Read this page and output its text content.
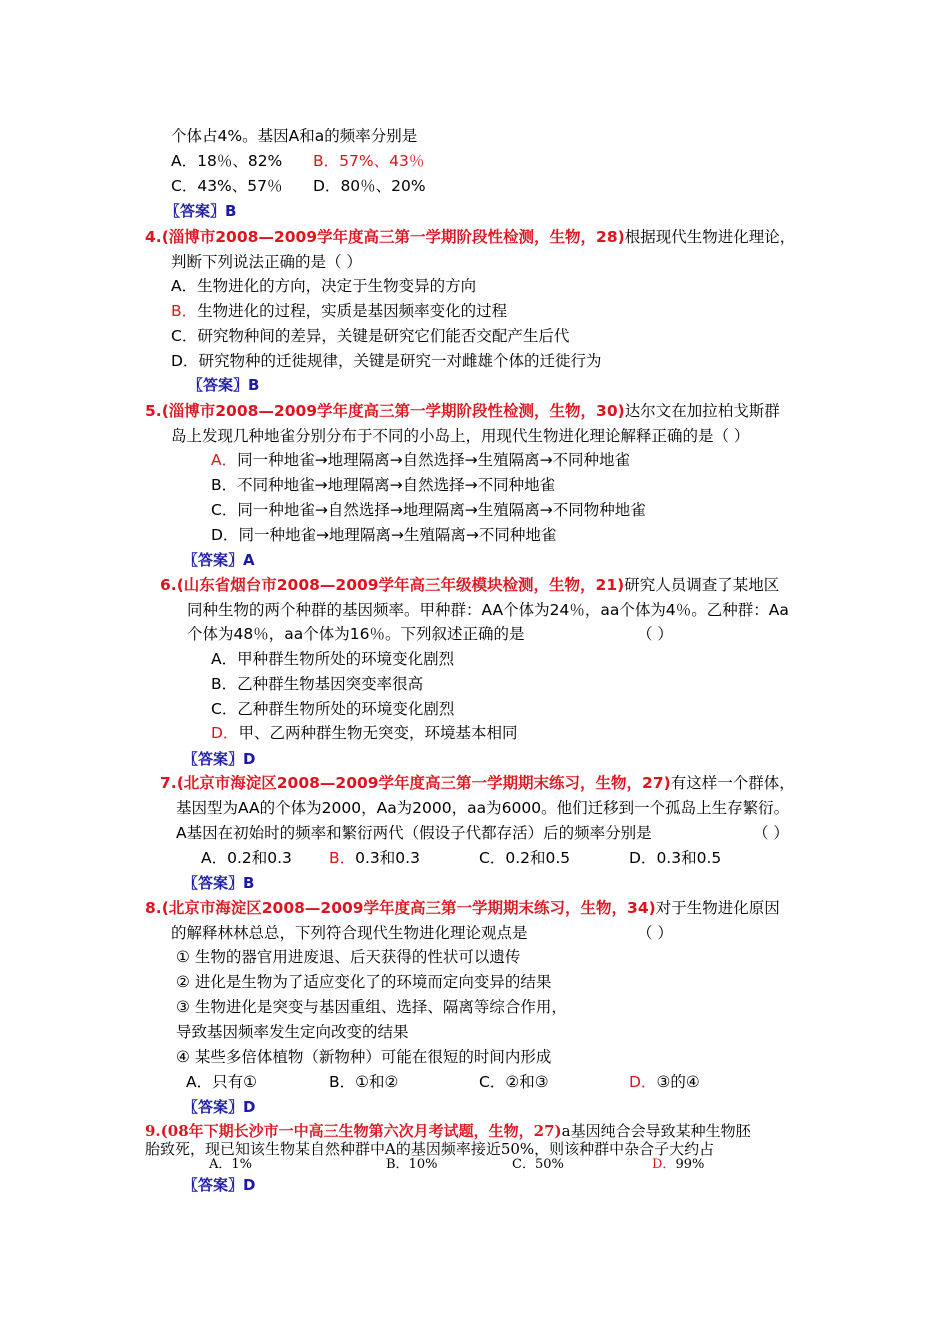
个体占4%。基因A和a的频率分别是
A．18％、82% B．57%、43％
C．43%、57％ D．80％、20%
〖答案〗B
4.(淄博市2008—2009学年度高三第一学期阶段性检测，生物，28)根据现代生物进化理论，
判断下列说法正确的是（ ）
A．生物进化的方向，决定于生物变异的方向
B．生物进化的过程，实质是基因频率变化的过程
C．研究物种间的差异，关键是研究它们能否交配产生后代
D．研究物种的迁徙规律，关键是研究一对雌雄个体的迁徙行为
〖答案〗B
5.(淄博市2008—2009学年度高三第一学期阶段性检测，生物，30)达尔文在加拉柏戈斯群
岛上发现几种地雀分别分布于不同的小岛上，用现代生物进化理论解释正确的是（ ）
A．同一种地雀→地理隔离→自然选择→生殖隔离→不同种地雀
B．不同种地雀→地理隔离→自然选择→不同种地雀
C．同一种地雀→自然选择→地理隔离→生殖隔离→不同物种地雀
D．同一种地雀→地理隔离→生殖隔离→不同种地雀
〖答案〗A
6.(山东省烟台市2008—2009学年高三年级模块检测，生物，21)研究人员调查了某地区
同种生物的两个种群的基因频率。甲种群：AA个体为24％，aa个体为4％。乙种群：Aa
个体为48％，aa个体为16％。下列叙述正确的是	（ ）
A．甲种群生物所处的环境变化剧烈
B．乙种群生物基因突变率很高
C．乙种群生物所处的环境变化剧烈
D．甲、乙两种群生物无突变，环境基本相同
〖答案〗D
7.(北京市海淀区2008—2009学年度高三第一学期期末练习，生物，27)有这样一个群体，
基因型为AA的个体为2000，Aa为2000，aa为6000。他们迁移到一个孤岛上生存繁衍。
A基因在初始时的频率和繁衍两代（假设子代都存活）后的频率分别是	（ ）
A．0.2和0.3 B．0.3和0.3	C．0.2和0.5	D．0.3和0.5
〖答案〗B
8.(北京市海淀区2008—2009学年度高三第一学期期末练习，生物，34)对于生物进化原因
的解释林林总总，下列符合现代生物进化理论观点是	（ ）
① 生物的器官用进废退、后天获得的性状可以遗传
② 进化是生物为了适应变化了的环境而定向变异的结果
③ 生物进化是突变与基因重组、选择、隔离等综合作用，
导致基因频率发生定向改变的结果
④ 某些多倍体植物（新物种）可能在很短的时间内形成
A．只有①	B．①和②	C．②和③	D．③的④
〖答案〗D
9.(08年下期长沙市一中高三生物第六次月考试题，生物，27)a基因纯合会导致某种生物胚
胎致死，现已知该生物某自然种群中A的基因频率接近50%，则该种群中杂合子大约占
A．1%	B．10%	C．50%	D．99%
〖答案〗D
